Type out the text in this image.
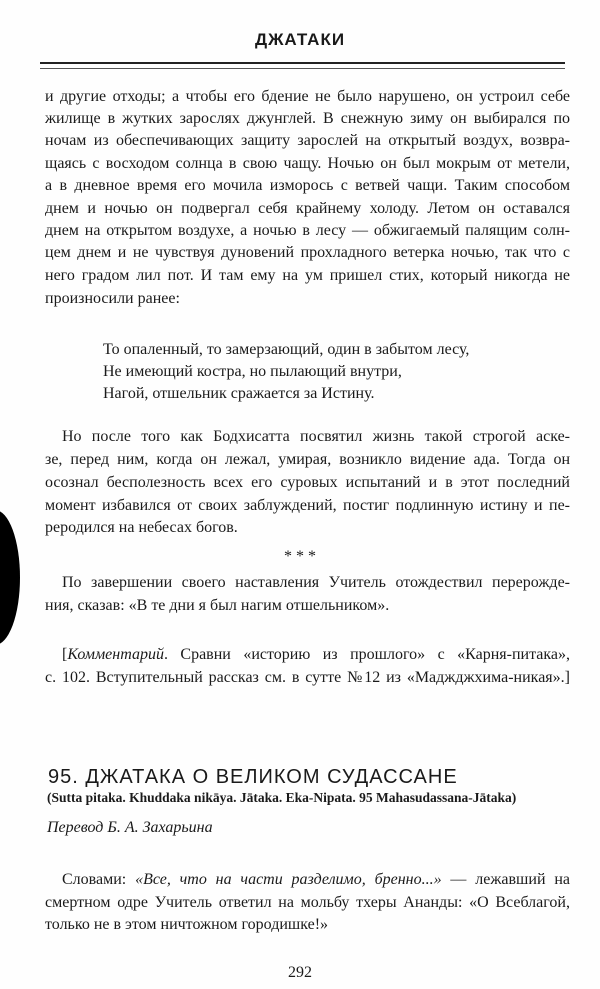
ДЖАТАКИ
и другие отходы; а чтобы его бдение не было нарушено, он устроил себе
жилище в жутких зарослях джунглей. В снежную зиму он выбирался по
ночам из обеспечивающих защиту зарослей на открытый воздух, возвра-
щаясь с восходом солнца в свою чащу. Ночью он был мокрым от метели,
а в дневное время его мочила изморось с ветвей чащи. Таким способом
днем и ночью он подвергал себя крайнему холоду. Летом он оставался
днем на открытом воздухе, а ночью в лесу — обжигаемый палящим солн-
цем днем и не чувствуя дуновений прохладного ветерка ночью, так что с
него градом лил пот. И там ему на ум пришел стих, который никогда не
произносили ранее:
То опаленный, то замерзающий, один в забытом лесу,
Не имеющий костра, но пылающий внутри,
Нагой, отшельник сражается за Истину.
Но после того как Бодхисатта посвятил жизнь такой строгой аске-
зе, перед ним, когда он лежал, умирая, возникло видение ада. Тогда он
осознал бесполезность всех его суровых испытаний и в этот последний
момент избавился от своих заблуждений, постиг подлинную истину и пе-
реродился на небесах богов.
* * *
По завершении своего наставления Учитель отождествил перерожде-
ния, сказав: «В те дни я был нагим отшельником».
[Комментарий. Сравни «историю из прошлого» с «Карня-питака»,
с. 102. Вступительный рассказ см. в сутте №12 из «Маджджхима-никая».]
95. ДЖАТАКА О ВЕЛИКОМ СУДАССАНЕ
(Sutta pitaka. Khuddaka nikāya. Jātaka. Eka-Nipata. 95 Mahasudassana-Jātaka)
Перевод Б. А. Захарьина
Словами: «Все, что на части разделимо, бренно...» — лежавший на
смертном одре Учитель ответил на мольбу тхеры Ананды: «О Всеблагой,
только не в этом ничтожном городишке!»
292
